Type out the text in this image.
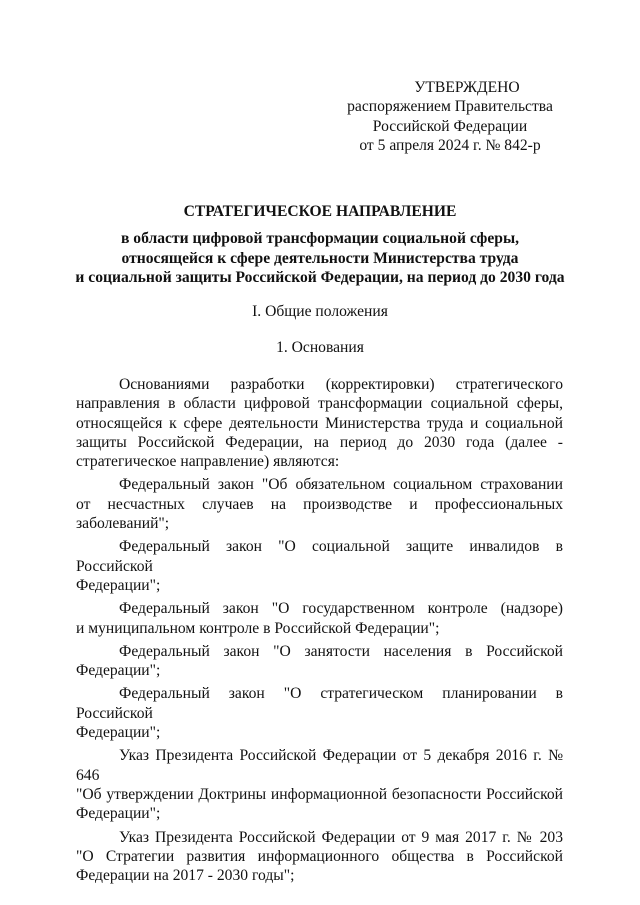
УТВЕРЖДЕНО
распоряжением Правительства
Российской Федерации
от 5 апреля 2024 г. № 842-р
СТРАТЕГИЧЕСКОЕ НАПРАВЛЕНИЕ
в области цифровой трансформации социальной сферы,
относящейся к сфере деятельности Министерства труда
и социальной защиты Российской Федерации, на период до 2030 года
I. Общие положения
1. Основания

Основаниями разработки (корректировки) стратегического
направления в области цифровой трансформации социальной сферы,
относящейся к сфере деятельности Министерства труда и социальной
защиты Российской Федерации, на период до 2030 года (далее -
стратегическое направление) являются:

Федеральный закон "Об обязательном социальном страховании
от несчастных случаев на производстве и профессиональных
заболеваний";

Федеральный закон "О социальной защите инвалидов в Российской
Федерации";

Федеральный закон "О государственном контроле (надзоре)
и муниципальном контроле в Российской Федерации";

Федеральный закон "О занятости населения в Российской
Федерации";

Федеральный закон "О стратегическом планировании в Российской
Федерации";

Указ Президента Российской Федерации от 5 декабря 2016 г. № 646
"Об утверждении Доктрины информационной безопасности Российской
Федерации";

Указ Президента Российской Федерации от 9 мая 2017 г. № 203
"О Стратегии развития информационного общества в Российской
Федерации на 2017 - 2030 годы";
